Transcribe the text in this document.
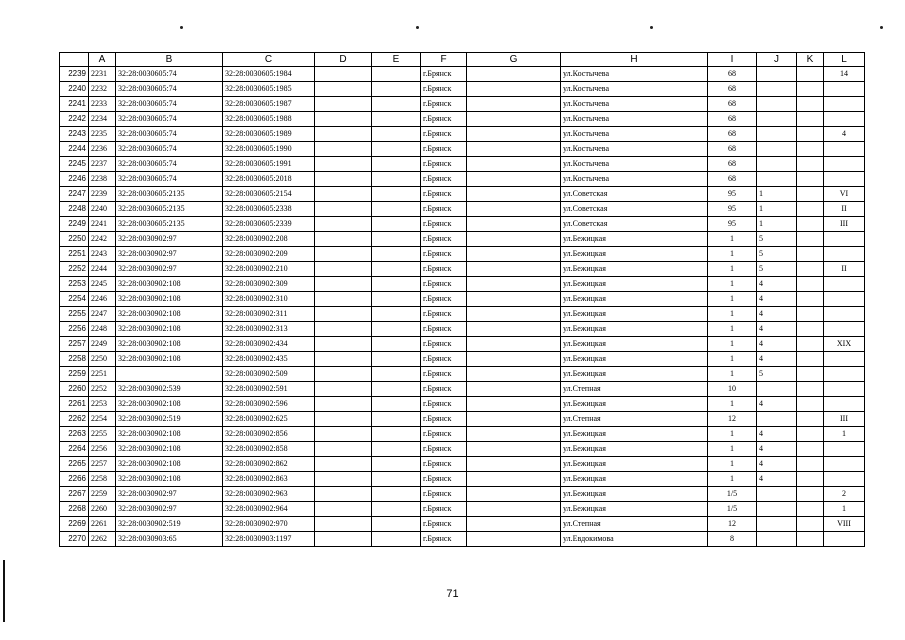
	A	B	C	D	E	F	G	H	I	J	K	L
2239	2231	32:28:0030605:74	32:28:0030605:1984			г.Брянск		ул.Костычева	68			14
2240	2232	32:28:0030605:74	32:28:0030605:1985			г.Брянск		ул.Костычева	68			
2241	2233	32:28:0030605:74	32:28:0030605:1987			г.Брянск		ул.Костычева	68			
2242	2234	32:28:0030605:74	32:28:0030605:1988			г.Брянск		ул.Костычева	68			
2243	2235	32:28:0030605:74	32:28:0030605:1989			г.Брянск		ул.Костычева	68			4
2244	2236	32:28:0030605:74	32:28:0030605:1990			г.Брянск		ул.Костычева	68			
2245	2237	32:28:0030605:74	32:28:0030605:1991			г.Брянск		ул.Костычева	68			
2246	2238	32:28:0030605:74	32:28:0030605:2018			г.Брянск		ул.Костычева	68			
2247	2239	32:28:0030605:2135	32:28:0030605:2154			г.Брянск		ул.Советская	95	1		VI
2248	2240	32:28:0030605:2135	32:28:0030605:2338			г.Брянск		ул.Советская	95	1		II
2249	2241	32:28:0030605:2135	32:28:0030605:2339			г.Брянск		ул.Советская	95	1		III
2250	2242	32:28:0030902:97	32:28:0030902:208			г.Брянск		ул.Бежицкая	1	5		
2251	2243	32:28:0030902:97	32:28:0030902:209			г.Брянск		ул.Бежицкая	1	5		
2252	2244	32:28:0030902:97	32:28:0030902:210			г.Брянск		ул.Бежицкая	1	5		II
2253	2245	32:28:0030902:108	32:28:0030902:309			г.Брянск		ул.Бежицкая	1	4		
2254	2246	32:28:0030902:108	32:28:0030902:310			г.Брянск		ул.Бежицкая	1	4		
2255	2247	32:28:0030902:108	32:28:0030902:311			г.Брянск		ул.Бежицкая	1	4		
2256	2248	32:28:0030902:108	32:28:0030902:313			г.Брянск		ул.Бежицкая	1	4		
2257	2249	32:28:0030902:108	32:28:0030902:434			г.Брянск		ул.Бежицкая	1	4		XIX
2258	2250	32:28:0030902:108	32:28:0030902:435			г.Брянск		ул.Бежицкая	1	4		
2259	2251		32:28:0030902:509			г.Брянск		ул.Бежицкая	1	5		
2260	2252	32:28:0030902:539	32:28:0030902:591			г.Брянск		ул.Степная	10			
2261	2253	32:28:0030902:108	32:28:0030902:596			г.Брянск		ул.Бежицкая	1	4		
2262	2254	32:28:0030902:519	32:28:0030902:625			г.Брянск		ул.Степная	12			III
2263	2255	32:28:0030902:108	32:28:0030902:856			г.Брянск		ул.Бежицкая	1	4		1
2264	2256	32:28:0030902:108	32:28:0030902:858			г.Брянск		ул.Бежицкая	1	4		
2265	2257	32:28:0030902:108	32:28:0030902:862			г.Брянск		ул.Бежицкая	1	4		
2266	2258	32:28:0030902:108	32:28:0030902:863			г.Брянск		ул.Бежицкая	1	4		
2267	2259	32:28:0030902:97	32:28:0030902:963			г.Брянск		ул.Бежицкая	1/5			2
2268	2260	32:28:0030902:97	32:28:0030902:964			г.Брянск		ул.Бежицкая	1/5			1
2269	2261	32:28:0030902:519	32:28:0030902:970			г.Брянск		ул.Степная	12			VIII
2270	2262	32:28:0030903:65	32:28:0030903:1197			г.Брянск		ул.Евдокимова	8			
71
